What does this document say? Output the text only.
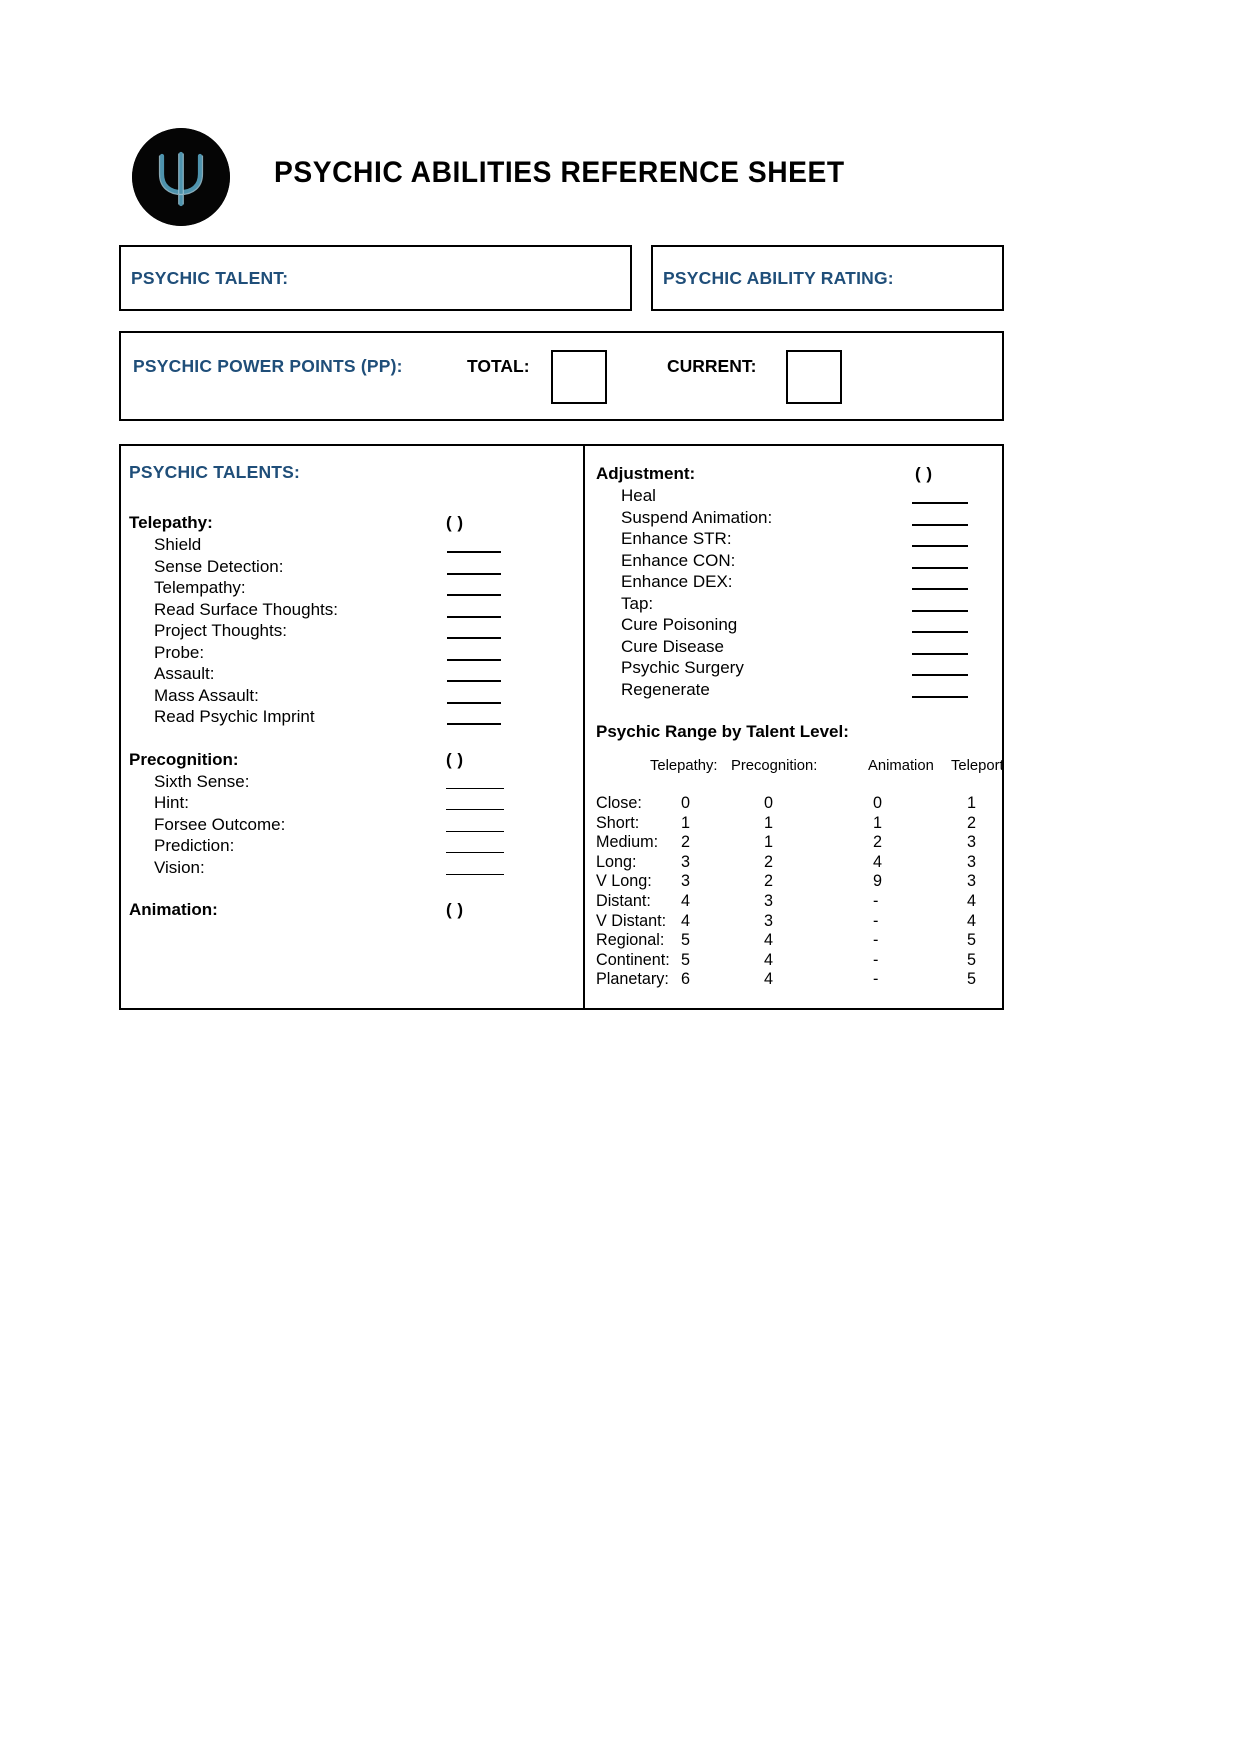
PSYCHIC ABILITIES REFERENCE SHEET
PSYCHIC TALENT:	PSYCHIC ABILITY RATING:
PSYCHIC POWER POINTS (PP):	TOTAL:	CURRENT:
PSYCHIC TALENTS:
Telepathy:	( )
Shield
Sense Detection:
Telempathy:
Read Surface Thoughts:
Project Thoughts:
Probe:
Assault:
Mass Assault:
Read Psychic Imprint
Precognition:	( )
Sixth Sense:
Hint:
Forsee Outcome:
Prediction:
Vision:
Animation:	( )
Adjustment:	( )
Heal
Suspend Animation:
Enhance STR:
Enhance CON:
Enhance DEX:
Tap:
Cure Poisoning
Cure Disease
Psychic Surgery
Regenerate
Psychic Range by Talent Level:
Telepathy: Precognition:	Animation Teleport
Close: 0	0	0	1
Short:	1	1	1	2
Medium: 2	1	2	3
Long:	3	2	4	3
V Long: 3	2	9	3
Distant: 4	3	-	4
V Distant: 4	3	-	4
Regional: 5	4	-	5
Continent: 5	4	-	5
Planetary: 6	4	-	5
